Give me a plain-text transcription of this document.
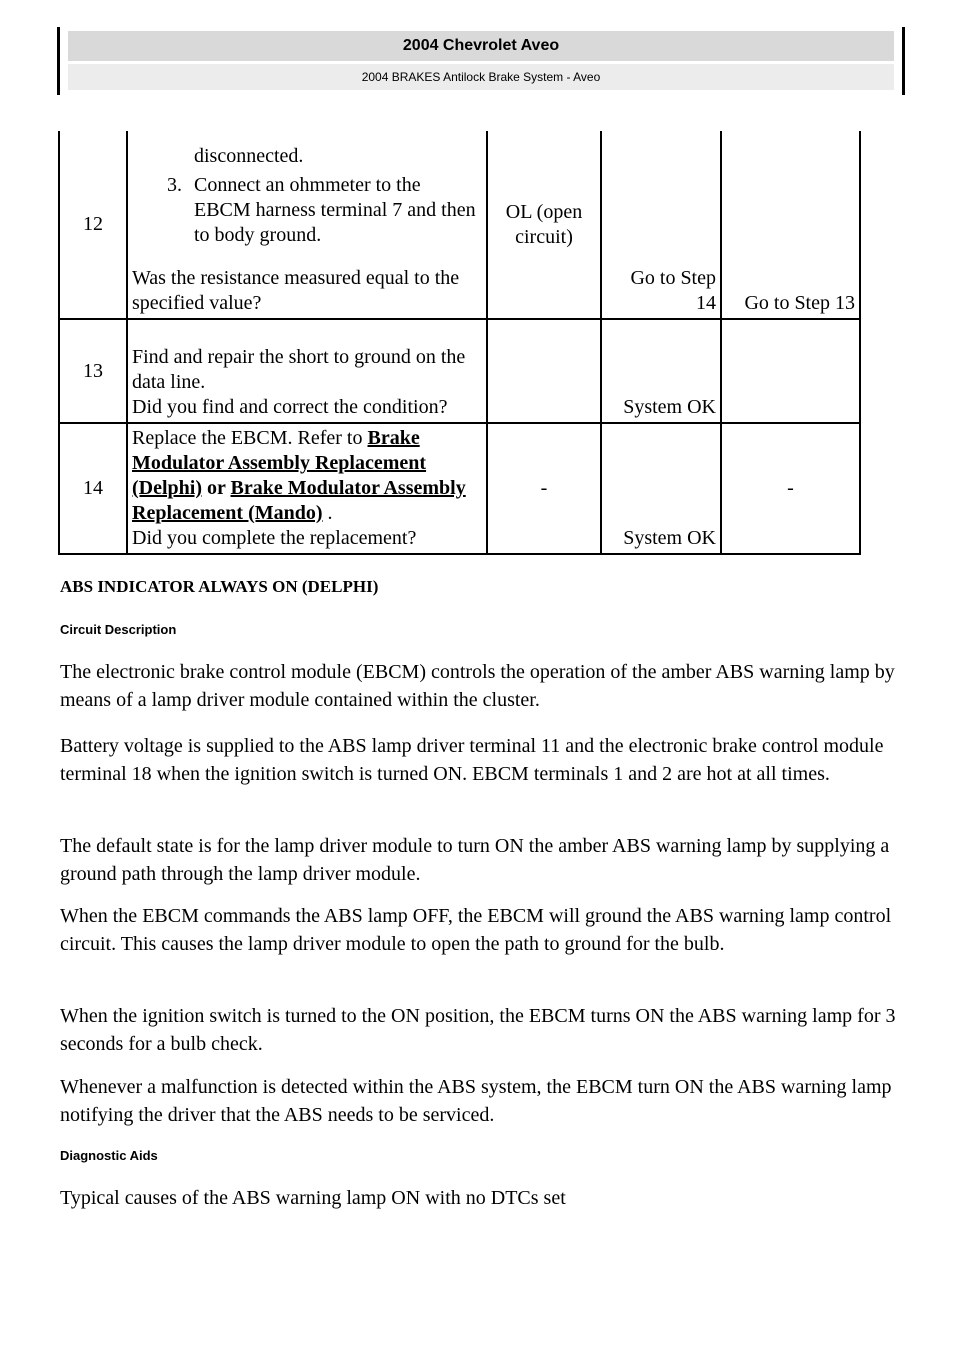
2004 Chevrolet Aveo
2004 BRAKES Antilock Brake System - Aveo
12	disconnected.
3. Connect an ohmmeter to the EBCM harness terminal 7 and then to body ground.
Was the resistance measured equal to the specified value?	OL (open circuit)	Go to Step 14	Go to Step 13
13	Find and repair the short to ground on the data line.
Did you find and correct the condition?		System OK	
14	Replace the EBCM. Refer to Brake Modulator Assembly Replacement (Delphi) or Brake Modulator Assembly Replacement (Mando) .
Did you complete the replacement?	-	System OK	-
ABS INDICATOR ALWAYS ON (DELPHI)
Circuit Description
The electronic brake control module (EBCM) controls the operation of the amber ABS warning lamp by means of a lamp driver module contained within the cluster.
Battery voltage is supplied to the ABS lamp driver terminal 11 and the electronic brake control module terminal 18 when the ignition switch is turned ON. EBCM terminals 1 and 2 are hot at all times.
The default state is for the lamp driver module to turn ON the amber ABS warning lamp by supplying a ground path through the lamp driver module.
When the EBCM commands the ABS lamp OFF, the EBCM will ground the ABS warning lamp control circuit. This causes the lamp driver module to open the path to ground for the bulb.
When the ignition switch is turned to the ON position, the EBCM turns ON the ABS warning lamp for 3 seconds for a bulb check.
Whenever a malfunction is detected within the ABS system, the EBCM turn ON the ABS warning lamp notifying the driver that the ABS needs to be serviced.
Diagnostic Aids
Typical causes of the ABS warning lamp ON with no DTCs set
